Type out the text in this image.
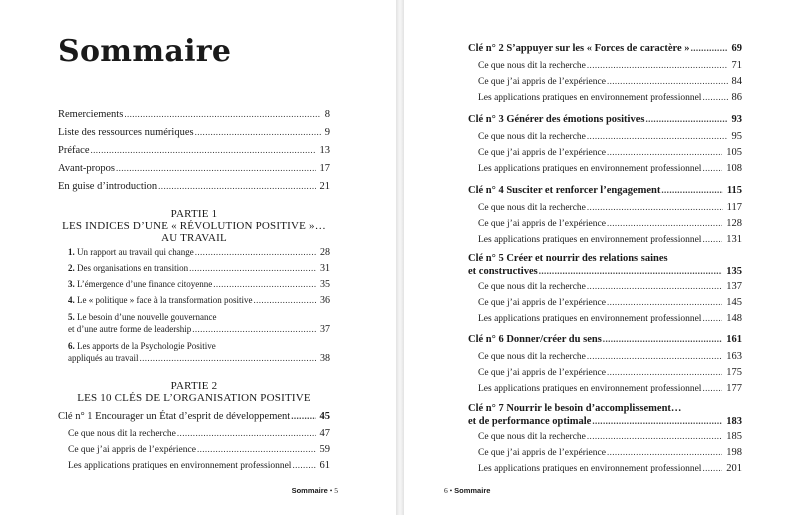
Sommaire
Remerciements .....	8
Liste des ressources numériques .....	9
Préface .....	13
Avant-propos .....	17
En guise d’introduction .....	21
PARTIE 1
LES INDICES D’UNE « RÉVOLUTION POSITIVE »…
AU TRAVAIL
1. Un rapport au travail qui change .....	28
2. Des organisations en transition .....	31
3. L’émergence d’une finance citoyenne .....	35
4. Le « politique » face à la transformation positive .....	36
5. Le besoin d’une nouvelle gouvernance
et d’une autre forme de leadership .....	37
6. Les apports de la Psychologie Positive
appliqués au travail .....	38
PARTIE 2
LES 10 CLÉS DE L’ORGANISATION POSITIVE
Clé n° 1 Encourager un État d’esprit de développement .....	45
Ce que nous dit la recherche .....	47
Ce que j’ai appris de l’expérience .....	59
Les applications pratiques en environnement professionnel .....	61
Sommaire • 5
Clé n° 2 S’appuyer sur les « Forces de caractère » .....	69
Ce que nous dit la recherche .....	71
Ce que j’ai appris de l’expérience .....	84
Les applications pratiques en environnement professionnel .....	86
Clé n° 3 Générer des émotions positives .....	93
Ce que nous dit la recherche .....	95
Ce que j’ai appris de l’expérience .....	105
Les applications pratiques en environnement professionnel ..... 108
Clé n° 4 Susciter et renforcer l’engagement .....	115
Ce que nous dit la recherche .....	117
Ce que j’ai appris de l’expérience .....	128
Les applications pratiques en environnement professionnel ..... 131
Clé n° 5 Créer et nourrir des relations saines
et constructives .....	135
Ce que nous dit la recherche .....	137
Ce que j’ai appris de l’expérience .....	145
Les applications pratiques en environnement professionnel ..... 148
Clé n° 6 Donner/créer du sens .....	161
Ce que nous dit la recherche .....	163
Ce que j’ai appris de l’expérience .....	175
Les applications pratiques en environnement professionnel ..... 177
Clé n° 7 Nourrir le besoin d’accomplissement…
et de performance optimale .....	183
Ce que nous dit la recherche .....	185
Ce que j’ai appris de l’expérience .....	198
Les applications pratiques en environnement professionnel ..... 201
6 • Sommaire
